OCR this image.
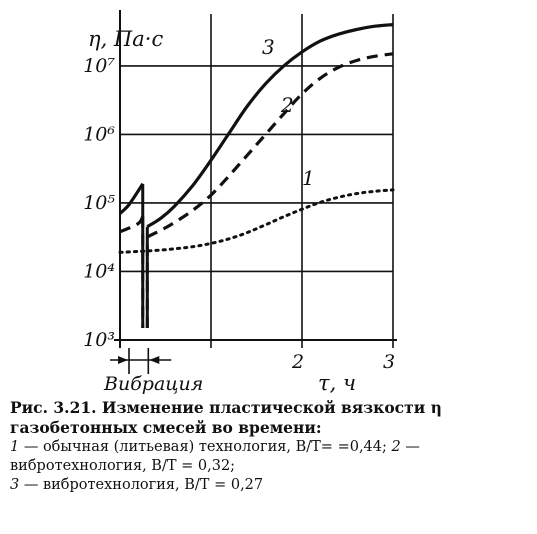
1
2
3
10³
10⁴
10⁵
10⁶
10⁷
2	3
η, Па·с
τ, ч
Вибрация
Рис. 3.21. Изменение пластической вязкости η газобетонных смесей во времени:
1 — обычная (литьевая) технология, В/Т= =0,44; 2 — вибротехнология, В/Т = 0,32;
3 — вибротехнология, В/Т = 0,27
